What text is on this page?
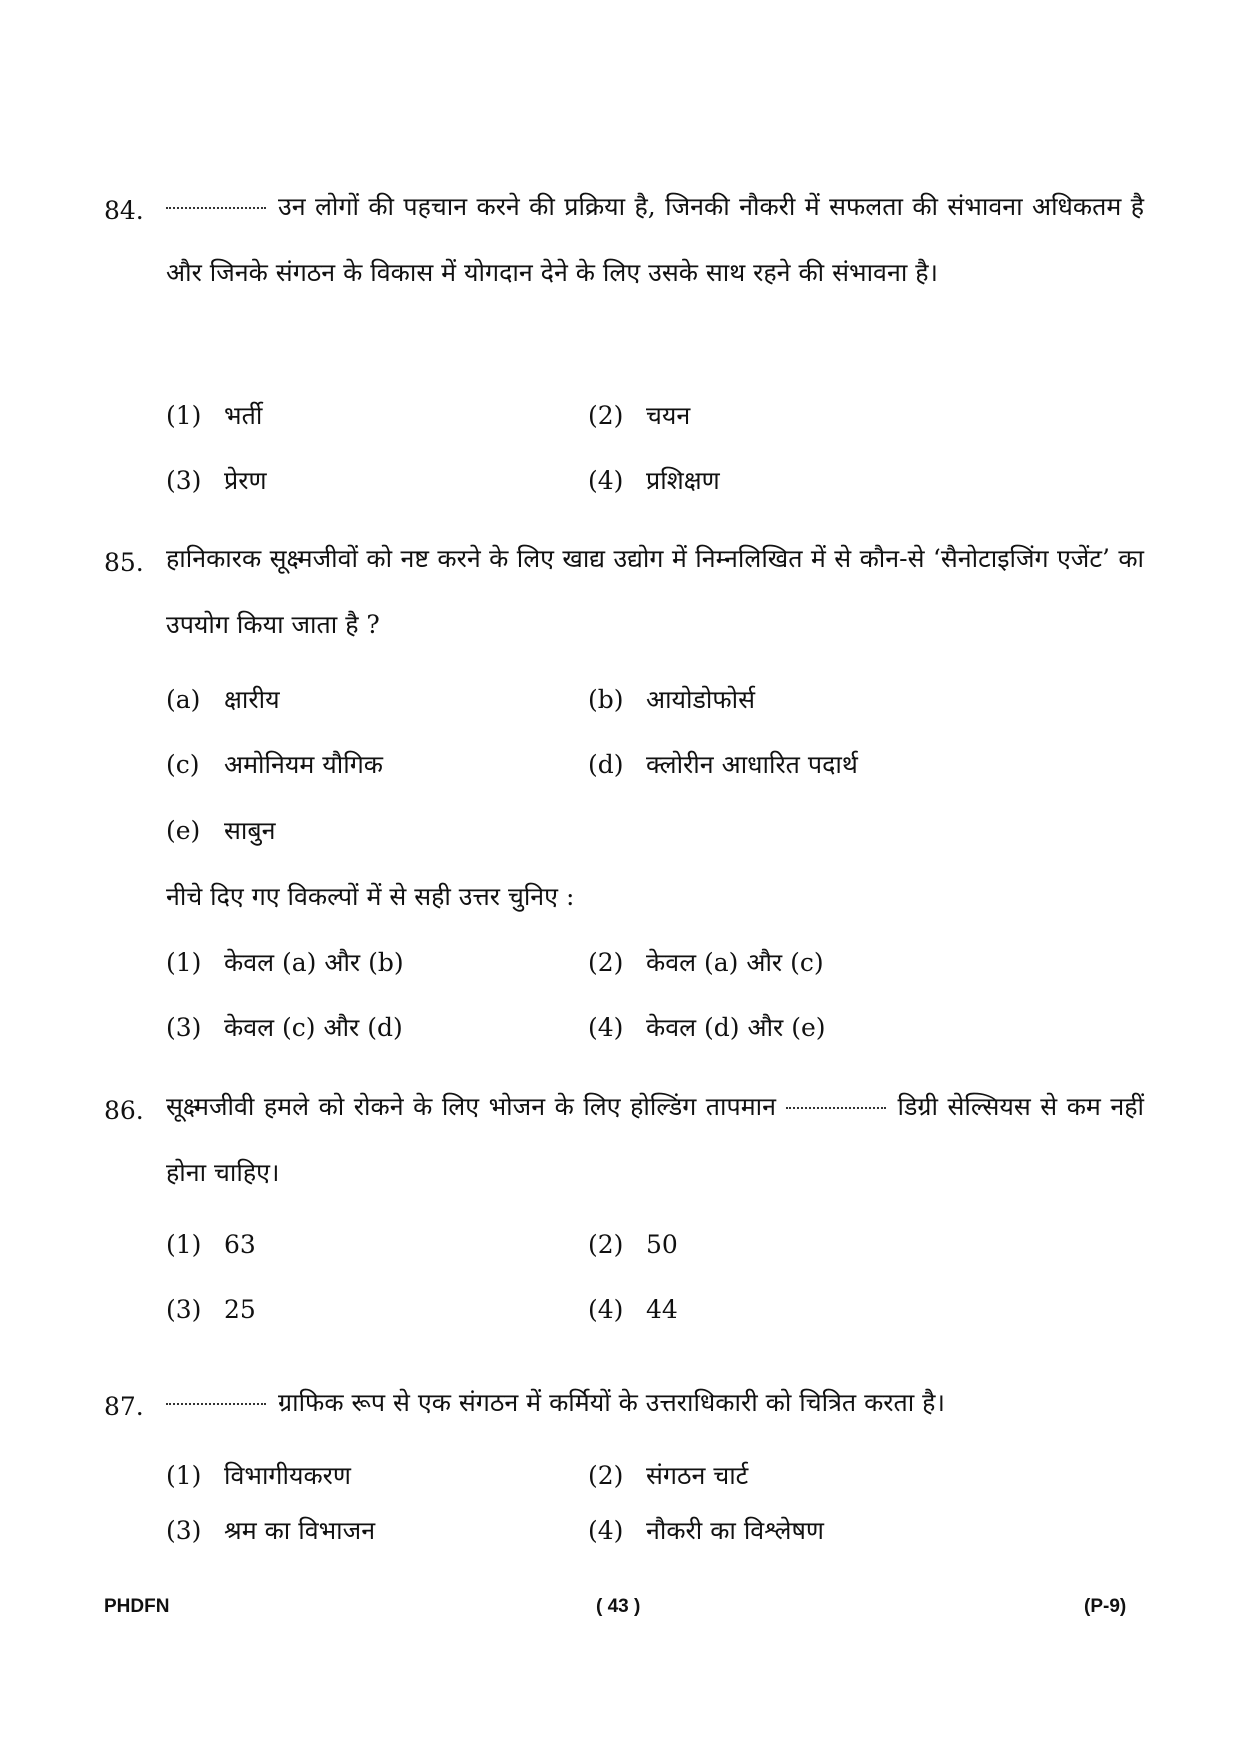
84.	उन लोगों की पहचान करने की प्रक्रिया है, जिनकी नौकरी में सफलता की संभावना अधिकतम है और जिनके संगठन के विकास में योगदान देने के लिए उसके साथ रहने की संभावना है।
(1) भर्ती	(2) चयन
(3) प्रेरण	(4) प्रशिक्षण
85. हानिकारक सूक्ष्मजीवों को नष्ट करने के लिए खाद्य उद्योग में निम्नलिखित में से कौन-से ‘सैनोटाइजिंग एजेंट’ का उपयोग किया जाता है ?
(a) क्षारीय	(b) आयोडोफोर्स
(c) अमोनियम यौगिक	(d) क्लोरीन आधारित पदार्थ
(e) साबुन
नीचे दिए गए विकल्पों में से सही उत्तर चुनिए :
(1) केवल (a) और (b)	(2) केवल (a) और (c)
(3) केवल (c) और (d)	(4) केवल (d) और (e)
86. सूक्ष्मजीवी हमले को रोकने के लिए भोजन के लिए होल्डिंग तापमान	डिग्री सेल्सियस से कम नहीं होना चाहिए।
(1) 63	(2) 50
(3) 25	(4) 44
87.	ग्राफिक रूप से एक संगठन में कर्मियों के उत्तराधिकारी को चित्रित करता है।
(1) विभागीयकरण	(2) संगठन चार्ट
(3) श्रम का विभाजन	(4) नौकरी का विश्लेषण
PHDFN	( 43 )	(P-9)
